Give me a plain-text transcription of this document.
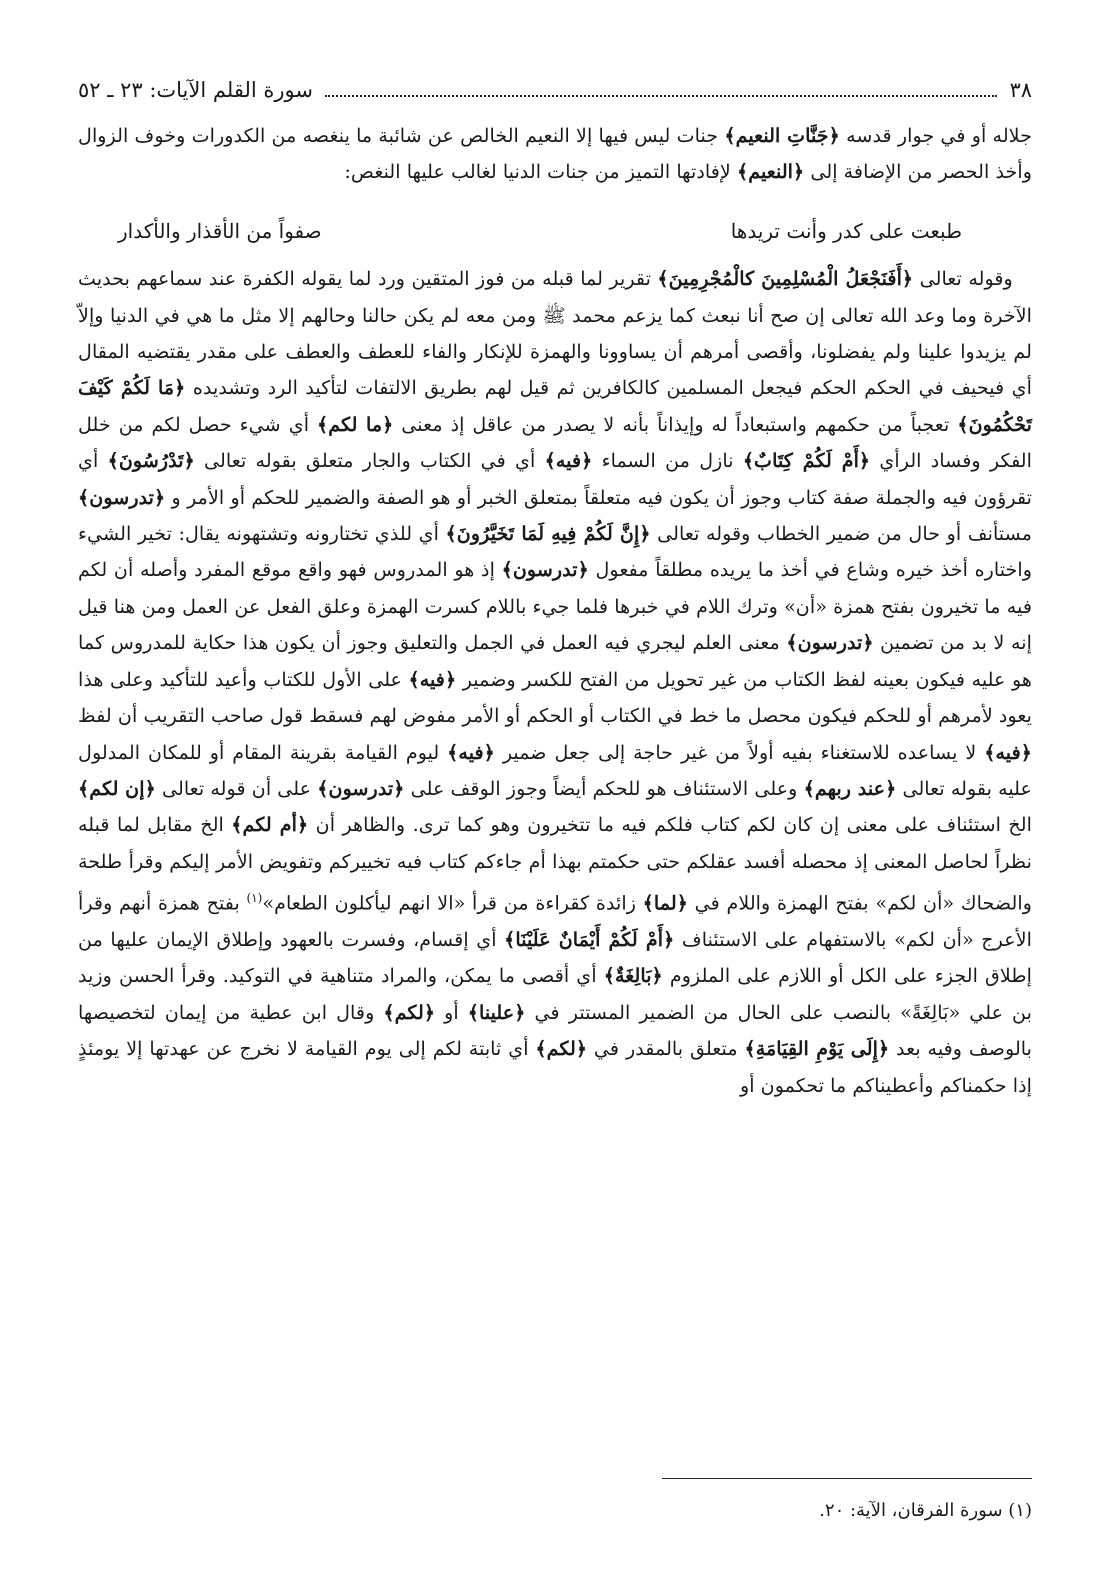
٣٨
سورة القلم الآيات: ٢٣ ـ ٥٢

جلاله أو في جوار قدسه ﴿جَنَّاتِ النعيم﴾ جنات ليس فيها إلا النعيم الخالص عن شائبة ما ينغصه من الكدورات وخوف الزوال وأخذ الحصر من الإضافة إلى ﴿النعيم﴾ لإفادتها التميز من جنات الدنيا لغالب عليها النغص:

طبعت على كدر وأنت تريدها
صفواً من الأقذار والأكدار

 وقوله تعالى ﴿أَفَنَجْعَلُ الْمُسْلِمِينَ كالْمُجْرِمِينَ﴾ تقرير لما قبله من فوز المتقين ورد لما يقوله الكفرة عند سماعهم بحديث الآخرة وما وعد الله تعالى إن صح أنا نبعث كما يزعم محمد ﷺ ومن معه لم يكن حالنا وحالهم إلا مثل ما هي في الدنيا وإلاّ لم يزيدوا علينا ولم يفضلونا، وأقصى أمرهم أن يساوونا والهمزة للإنكار والفاء للعطف والعطف على مقدر يقتضيه المقال أي فيحيف في الحكم الحكم فيجعل المسلمين كالكافرين ثم قيل لهم بطريق الالتفات لتأكيد الرد وتشديده ﴿مَا لَكُمْ كَيْفَ تَحْكُمُونَ﴾ تعجباً من حكمهم واستبعاداً له وإيذاناً بأنه لا يصدر من عاقل إذ معنى ﴿ما لكم﴾ أي شيء حصل لكم من خلل الفكر وفساد الرأي ﴿أَمْ لَكُمْ كِتَابٌ﴾ نازل من السماء ﴿فيه﴾ أي في الكتاب والجار متعلق بقوله تعالى ﴿تَدْرُسُونَ﴾ أي تقرؤون فيه والجملة صفة كتاب وجوز أن يكون فيه متعلقاً بمتعلق الخبر أو هو الصفة والضمير للحكم أو الأمر و ﴿تدرسون﴾ مستأنف أو حال من ضمير الخطاب وقوله تعالى ﴿إِنَّ لَكُمْ فِيهِ لَمَا تَخَيَّرُونَ﴾ أي للذي تختارونه وتشتهونه يقال: تخير الشيء واختاره أخذ خيره وشاع في أخذ ما يريده مطلقاً مفعول ﴿تدرسون﴾ إذ هو المدروس فهو واقع موقع المفرد وأصله أن لكم فيه ما تخيرون بفتح همزة «أن» وترك اللام في خبرها فلما جيء باللام كسرت الهمزة وعلق الفعل عن العمل ومن هنا قيل إنه لا بد من تضمين ﴿تدرسون﴾ معنى العلم ليجري فيه العمل في الجمل والتعليق وجوز أن يكون هذا حكاية للمدروس كما هو عليه فيكون بعينه لفظ الكتاب من غير تحويل من الفتح للكسر وضمير ﴿فيه﴾ على الأول للكتاب وأعيد للتأكيد وعلى هذا يعود لأمرهم أو للحكم فيكون محصل ما خط في الكتاب أو الحكم أو الأمر مفوض لهم فسقط قول صاحب التقريب أن لفظ ﴿فيه﴾ لا يساعده للاستغناء بفيه أولاً من غير حاجة إلى جعل ضمير ﴿فيه﴾ ليوم القيامة بقرينة المقام أو للمكان المدلول عليه بقوله تعالى ﴿عند ربهم﴾ وعلى الاستئناف هو للحكم أيضاً وجوز الوقف على ﴿تدرسون﴾ على أن قوله تعالى ﴿إن لكم﴾ الخ استئناف على معنى إن كان لكم كتاب فلكم فيه ما تتخيرون وهو كما ترى. والظاهر أن ﴿أم لكم﴾ الخ مقابل لما قبله نظراً لحاصل المعنى إذ محصله أفسد عقلكم حتى حكمتم بهذا أم جاءكم كتاب فيه تخييركم وتفويض الأمر إليكم وقرأ طلحة والضحاك «أن لكم» بفتح الهمزة واللام في ﴿لما﴾ زائدة كقراءة من قرأ «الا انهم ليأكلون الطعام»$^{(١)}$ بفتح همزة أنهم وقرأ الأعرج «أن لكم» بالاستفهام على الاستئناف ﴿أَمْ لَكُمْ أَيْمَانٌ عَلَيْنَا﴾ أي إقسام، وفسرت بالعهود وإطلاق الإيمان عليها من إطلاق الجزء على الكل أو اللازم على الملزوم ﴿بَالِغَةٌ﴾ أي أقصى ما يمكن، والمراد متناهية في التوكيد. وقرأ الحسن وزيد بن علي «بَالِغَةً» بالنصب على الحال من الضمير المستتر في ﴿علينا﴾ أو ﴿لكم﴾ وقال ابن عطية من إيمان لتخصيصها بالوصف وفيه بعد ﴿إِلَى يَوْمِ القِيَامَةِ﴾ متعلق بالمقدر في ﴿لكم﴾ أي ثابتة لكم إلى يوم القيامة لا نخرج عن عهدتها إلا يومئذٍ إذا حكمناكم وأعطيناكم ما تحكمون أو

(١) سورة الفرقان، الآية: ٢٠.
